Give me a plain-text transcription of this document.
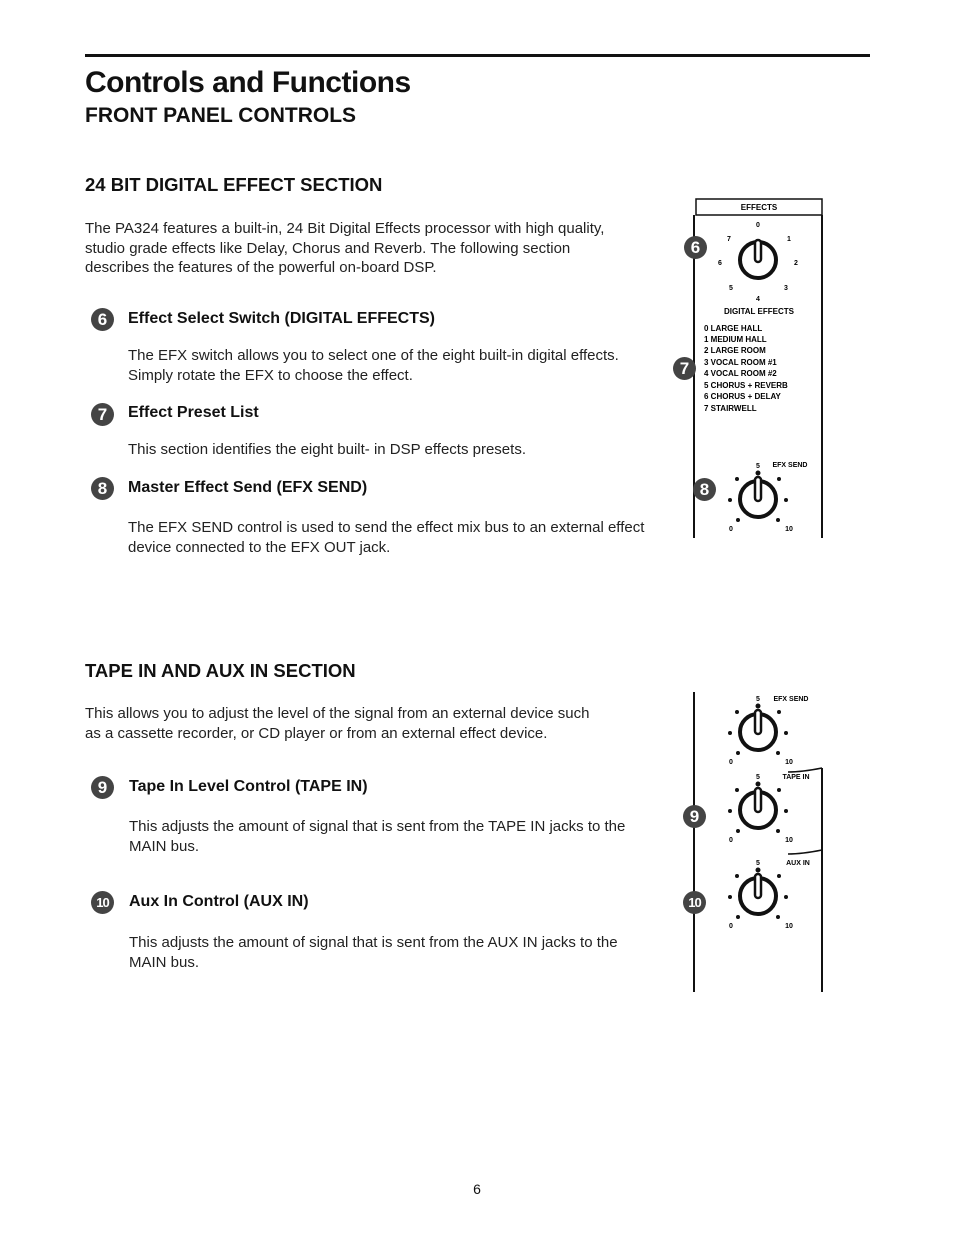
Controls and Functions
FRONT PANEL CONTROLS
24 BIT DIGITAL EFFECT SECTION
The PA324 features a built-in, 24 Bit Digital Effects processor with high quality,
studio grade effects like Delay, Chorus and Reverb. The following section
describes the features of the powerful on-board DSP.
6	Effect Select Switch (DIGITAL EFFECTS)
The EFX switch allows you to select one of the eight built-in digital effects.
Simply rotate the EFX to choose the effect.
7	Effect Preset List
This section identifies the eight built- in DSP effects presets.
8	Master Effect Send (EFX SEND)
The EFX SEND control is used to send the effect mix bus to an external effect
device connected to the EFX OUT jack.
EFFECTS
0
1
2
3
4
5
6
7
DIGITAL EFFECTS
0 LARGE HALL
1 MEDIUM HALL
2 LARGE ROOM
3 VOCAL ROOM #1
4 VOCAL ROOM #2
5 CHORUS + REVERB
6 CHORUS + DELAY
7 STAIRWELL
5 EFX SEND
0	10
6
7
8
TAPE IN AND AUX IN SECTION
This allows you to adjust the level of the signal from an external device such
as a cassette recorder, or CD player or from an external effect device.
9	Tape In Level Control (TAPE IN)
This adjusts the amount of signal that is sent from the TAPE IN jacks to the
MAIN bus.
10	Aux In Control (AUX IN)
This adjusts the amount of signal that is sent from the AUX IN jacks to the
MAIN bus.
5 EFX SEND
0	10
5	TAPE IN
0	10
5	AUX IN
0	10
9
10
6
